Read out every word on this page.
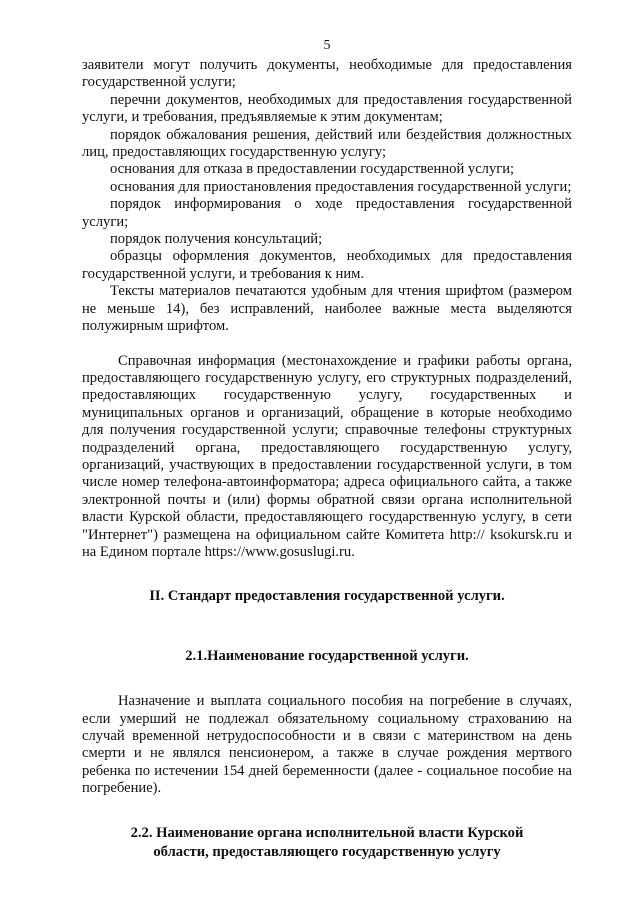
5

заявители могут получить документы, необходимые для предоставления государственной услуги;

перечни документов, необходимых для предоставления государственной услуги, и требования, предъявляемые к этим документам;

порядок обжалования решения, действий или бездействия должностных лиц, предоставляющих государственную услугу;

основания для отказа в предоставлении государственной услуги;

основания для приостановления предоставления государственной услуги;

порядок информирования о ходе предоставления государственной услуги;

порядок получения консультаций;

образцы оформления документов, необходимых для предоставления государственной услуги, и требования к ним.

Тексты материалов печатаются удобным для чтения шрифтом (размером не меньше 14), без исправлений, наиболее важные места выделяются полужирным шрифтом.

Справочная информация (местонахождение и графики работы органа, предоставляющего государственную услугу, его структурных подразделений, предоставляющих государственную услугу, государственных и муниципальных органов и организаций, обращение в которые необходимо для получения государственной услуги; справочные телефоны структурных подразделений органа, предоставляющего государственную услугу, организаций, участвующих в предоставлении государственной услуги, в том числе номер телефона-автоинформатора; адреса официального сайта, а также электронной почты и (или) формы обратной связи органа исполнительной власти Курской области, предоставляющего государственную услугу, в сети "Интернет") размещена на официальном сайте Комитета http:// ksokursk.ru и на Едином портале https://www.gosuslugi.ru.

II. Стандарт предоставления государственной услуги.
2.1.Наименование государственной услуги.

Назначение и выплата социального пособия на погребение в случаях, если умерший не подлежал обязательному социальному страхованию на случай временной нетрудоспособности и в связи с материнством на день смерти и не являлся пенсионером, а также в случае рождения мертвого ребенка по истечении 154 дней беременности (далее - социальное пособие на погребение).

2.2. Наименование органа исполнительной власти Курской
области, предоставляющего государственную услугу
